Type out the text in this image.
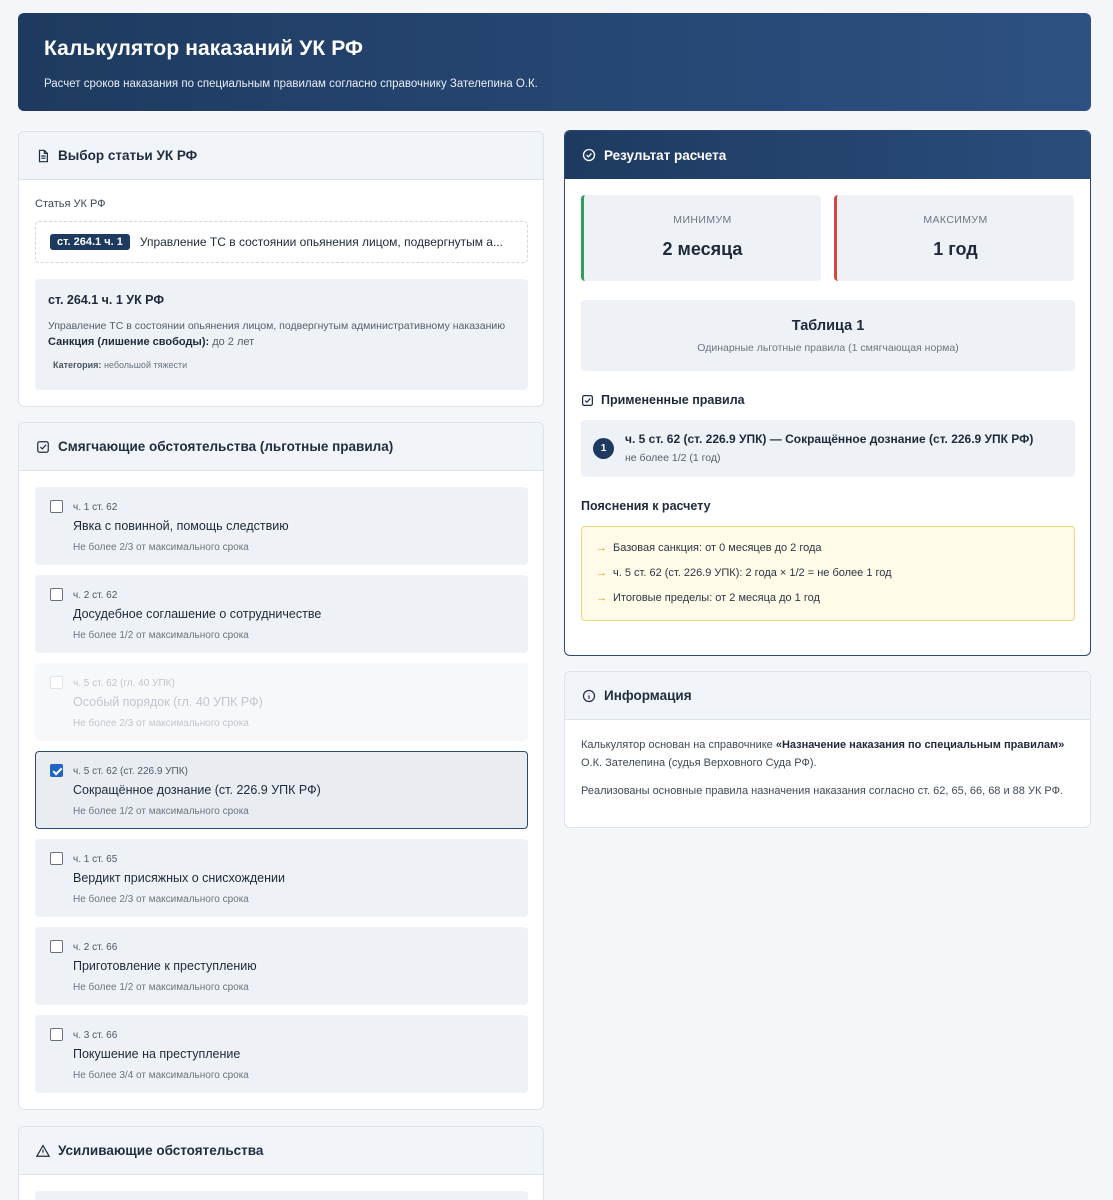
Калькулятор наказаний УК РФ
Расчет сроков наказания по специальным правилам согласно справочнику Зателепина О.К.
Выбор статьи УК РФ
Статья УК РФ
ст. 264.1 ч. 1	Управление ТС в состоянии опьянения лицом, подвергнутым а...
ст. 264.1 ч. 1 УК РФ
Управление ТС в состоянии опьянения лицом, подвергнутым административному наказанию
Санкция (лишение свободы): до 2 лет
Категория: небольшой тяжести
Смягчающие обстоятельства (льготные правила)
ч. 1 ст. 62
Явка с повинной, помощь следствию
Не более 2/3 от максимального срока
ч. 2 ст. 62
Досудебное соглашение о сотрудничестве
Не более 1/2 от максимального срока
ч. 5 ст. 62 (гл. 40 УПК)
Особый порядок (гл. 40 УПК РФ)
Не более 2/3 от максимального срока
ч. 5 ст. 62 (ст. 226.9 УПК)
Сокращённое дознание (ст. 226.9 УПК РФ)
Не более 1/2 от максимального срока
ч. 1 ст. 65
Вердикт присяжных о снисхождении
Не более 2/3 от максимального срока
ч. 2 ст. 66
Приготовление к преступлению
Не более 1/2 от максимального срока
ч. 3 ст. 66
Покушение на преступление
Не более 3/4 от максимального срока
Усиливающие обстоятельства
Результат расчета
МИНИМУМ
2 месяца
МАКСИМУМ
1 год
Таблица 1
Одинарные льготные правила (1 смягчающая норма)
Примененные правила
1
ч. 5 ст. 62 (ст. 226.9 УПК) — Сокращённое дознание (ст. 226.9 УПК РФ)
не более 1/2 (1 год)
Пояснения к расчету
→ Базовая санкция: от 0 месяцев до 2 года
→ ч. 5 ст. 62 (ст. 226.9 УПК): 2 года × 1/2 = не более 1 год
→ Итоговые пределы: от 2 месяца до 1 год
Информация
Калькулятор основан на справочнике «Назначение наказания по специальным правилам» О.К. Зателепина (судья Верховного Суда РФ).
Реализованы основные правила назначения наказания согласно ст. 62, 65, 66, 68 и 88 УК РФ.
